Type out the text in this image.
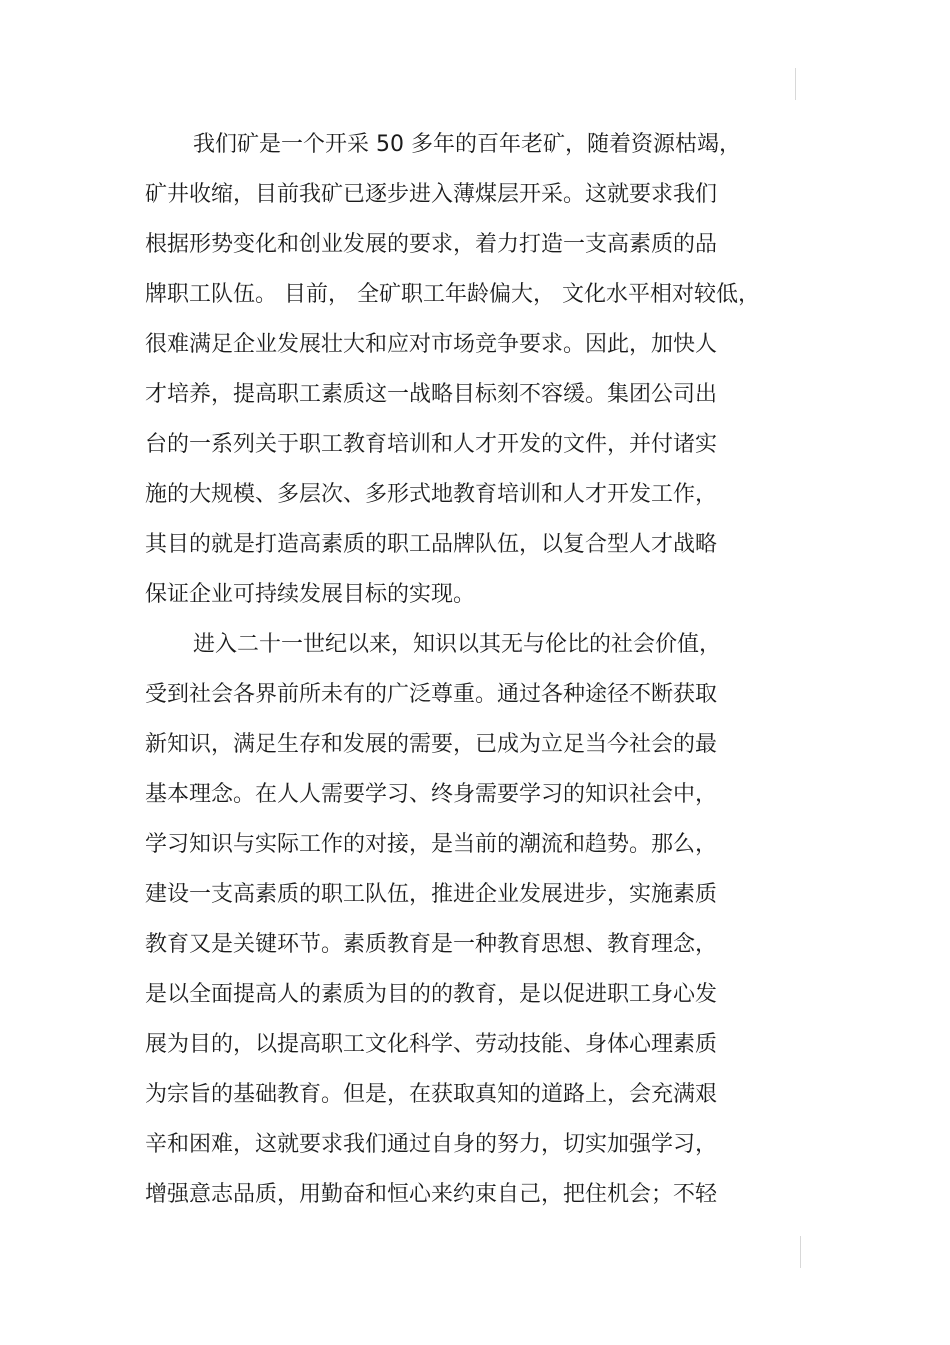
我们矿是一个开采 50 多年的百年老矿，随着资源枯竭，
矿井收缩，目前我矿已逐步进入薄煤层开采。这就要求我们
根据形势变化和创业发展的要求，着力打造一支高素质的品
牌职工队伍。 目前， 全矿职工年龄偏大， 文化水平相对较低，
很难满足企业发展壮大和应对市场竞争要求。因此，加快人
才培养，提高职工素质这一战略目标刻不容缓。集团公司出
台的一系列关于职工教育培训和人才开发的文件，并付诸实
施的大规模、多层次、多形式地教育培训和人才开发工作，
其目的就是打造高素质的职工品牌队伍，以复合型人才战略
保证企业可持续发展目标的实现。
进入二十一世纪以来，知识以其无与伦比的社会价值，
受到社会各界前所未有的广泛尊重。通过各种途径不断获取
新知识，满足生存和发展的需要，已成为立足当今社会的最
基本理念。在人人需要学习、终身需要学习的知识社会中，
学习知识与实际工作的对接，是当前的潮流和趋势。那么，
建设一支高素质的职工队伍，推进企业发展进步，实施素质
教育又是关键环节。素质教育是一种教育思想、教育理念，
是以全面提高人的素质为目的的教育，是以促进职工身心发
展为目的，以提高职工文化科学、劳动技能、身体心理素质
为宗旨的基础教育。但是，在获取真知的道路上，会充满艰
辛和困难，这就要求我们通过自身的努力，切实加强学习，
增强意志品质，用勤奋和恒心来约束自己，把住机会；不轻
